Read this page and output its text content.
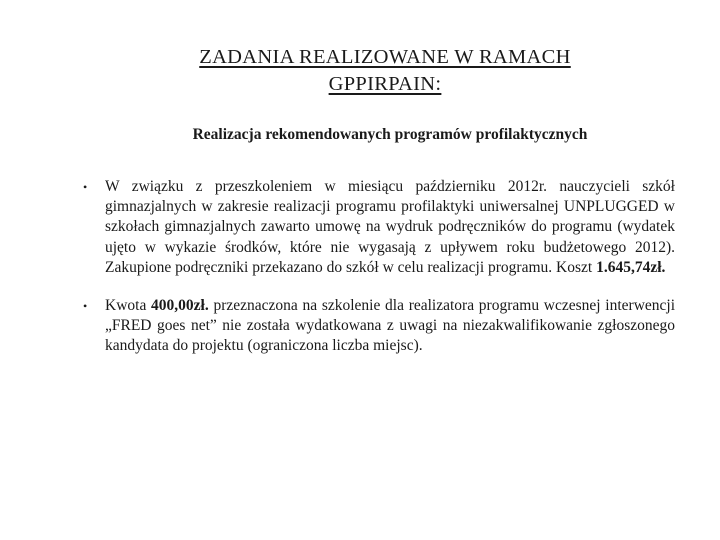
ZADANIA REALIZOWANE W RAMACH
GPPIRPAIN:
Realizacja rekomendowanych programów profilaktycznych
• W związku z przeszkoleniem w miesiącu październiku 2012r. nauczycieli szkół gimnazjalnych w zakresie realizacji programu profilaktyki uniwersalnej UNPLUGGED w szkołach gimnazjalnych zawarto umowę na wydruk podręczników do programu (wydatek ujęto w wykazie środków, które nie wygasają z upływem roku budżetowego 2012). Zakupione podręczniki przekazano do szkół w celu realizacji programu. Koszt 1.645,74zł.
• Kwota 400,00zł. przeznaczona na szkolenie dla realizatora programu wczesnej interwencji „FRED goes net” nie została wydatkowana z uwagi na niezakwalifikowanie zgłoszonego kandydata do projektu (ograniczona liczba miejsc).
